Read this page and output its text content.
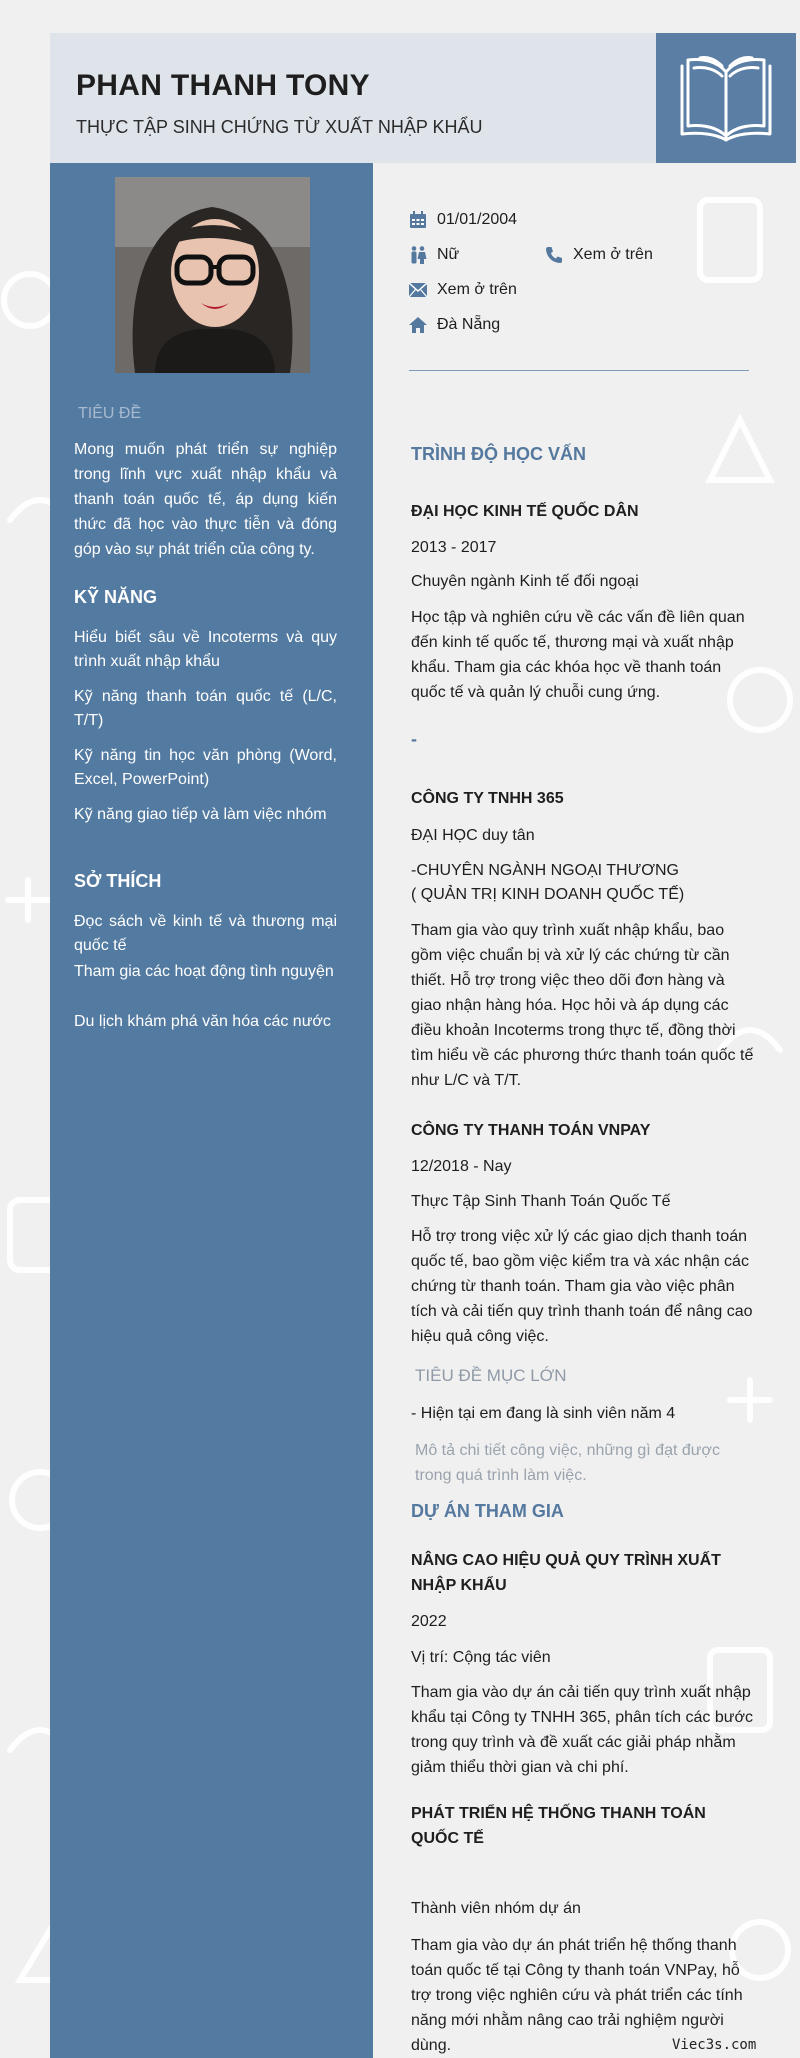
PHAN THANH TONY
THỰC TẬP SINH CHỨNG TỪ XUẤT NHẬP KHẨU
TIÊU ĐỀ
Mong muốn phát triển sự nghiệp trong lĩnh vực xuất nhập khẩu và thanh toán quốc tế, áp dụng kiến thức đã học vào thực tiễn và đóng góp vào sự phát triển của công ty.
KỸ NĂNG
Hiểu biết sâu về Incoterms và quy trình xuất nhập khẩu
Kỹ năng thanh toán quốc tế (L/C, T/T)
Kỹ năng tin học văn phòng (Word, Excel, PowerPoint)
Kỹ năng giao tiếp và làm việc nhóm
SỞ THÍCH
Đọc sách về kinh tế và thương mại quốc tế
Tham gia các hoạt động tình nguyện
Du lịch khám phá văn hóa các nước
01/01/2004
Nữ	Xem ở trên
Xem ở trên
Đà Nẵng
TRÌNH ĐỘ HỌC VẤN
ĐẠI HỌC KINH TẾ QUỐC DÂN
2013 - 2017
Chuyên ngành Kinh tế đối ngoại
Học tập và nghiên cứu về các vấn đề liên quan đến kinh tế quốc tế, thương mại và xuất nhập khẩu. Tham gia các khóa học về thanh toán quốc tế và quản lý chuỗi cung ứng.
-
CÔNG TY TNHH 365
ĐẠI HỌC duy tân
-CHUYÊN NGÀNH NGOẠI THƯƠNG
( QUẢN TRỊ KINH DOANH QUỐC TẾ)
Tham gia vào quy trình xuất nhập khẩu, bao gồm việc chuẩn bị và xử lý các chứng từ cần thiết. Hỗ trợ trong việc theo dõi đơn hàng và giao nhận hàng hóa. Học hỏi và áp dụng các điều khoản Incoterms trong thực tế, đồng thời tìm hiểu về các phương thức thanh toán quốc tế như L/C và T/T.
CÔNG TY THANH TOÁN VNPAY
12/2018 - Nay
Thực Tập Sinh Thanh Toán Quốc Tế
Hỗ trợ trong việc xử lý các giao dịch thanh toán quốc tế, bao gồm việc kiểm tra và xác nhận các chứng từ thanh toán. Tham gia vào việc phân tích và cải tiến quy trình thanh toán để nâng cao hiệu quả công việc.
TIÊU ĐỀ MỤC LỚN
- Hiện tại em đang là sinh viên năm 4
Mô tả chi tiết công việc, những gì đạt được trong quá trình làm việc.
DỰ ÁN THAM GIA
NÂNG CAO HIỆU QUẢ QUY TRÌNH XUẤT NHẬP KHẨU
2022
Vị trí: Cộng tác viên
Tham gia vào dự án cải tiến quy trình xuất nhập khẩu tại Công ty TNHH 365, phân tích các bước trong quy trình và đề xuất các giải pháp nhằm giảm thiểu thời gian và chi phí.
PHÁT TRIỂN HỆ THỐNG THANH TOÁN QUỐC TẾ
Thành viên nhóm dự án
Tham gia vào dự án phát triển hệ thống thanh toán quốc tế tại Công ty thanh toán VNPay, hỗ trợ trong việc nghiên cứu và phát triển các tính năng mới nhằm nâng cao trải nghiệm người dùng.	Viec3s.com
